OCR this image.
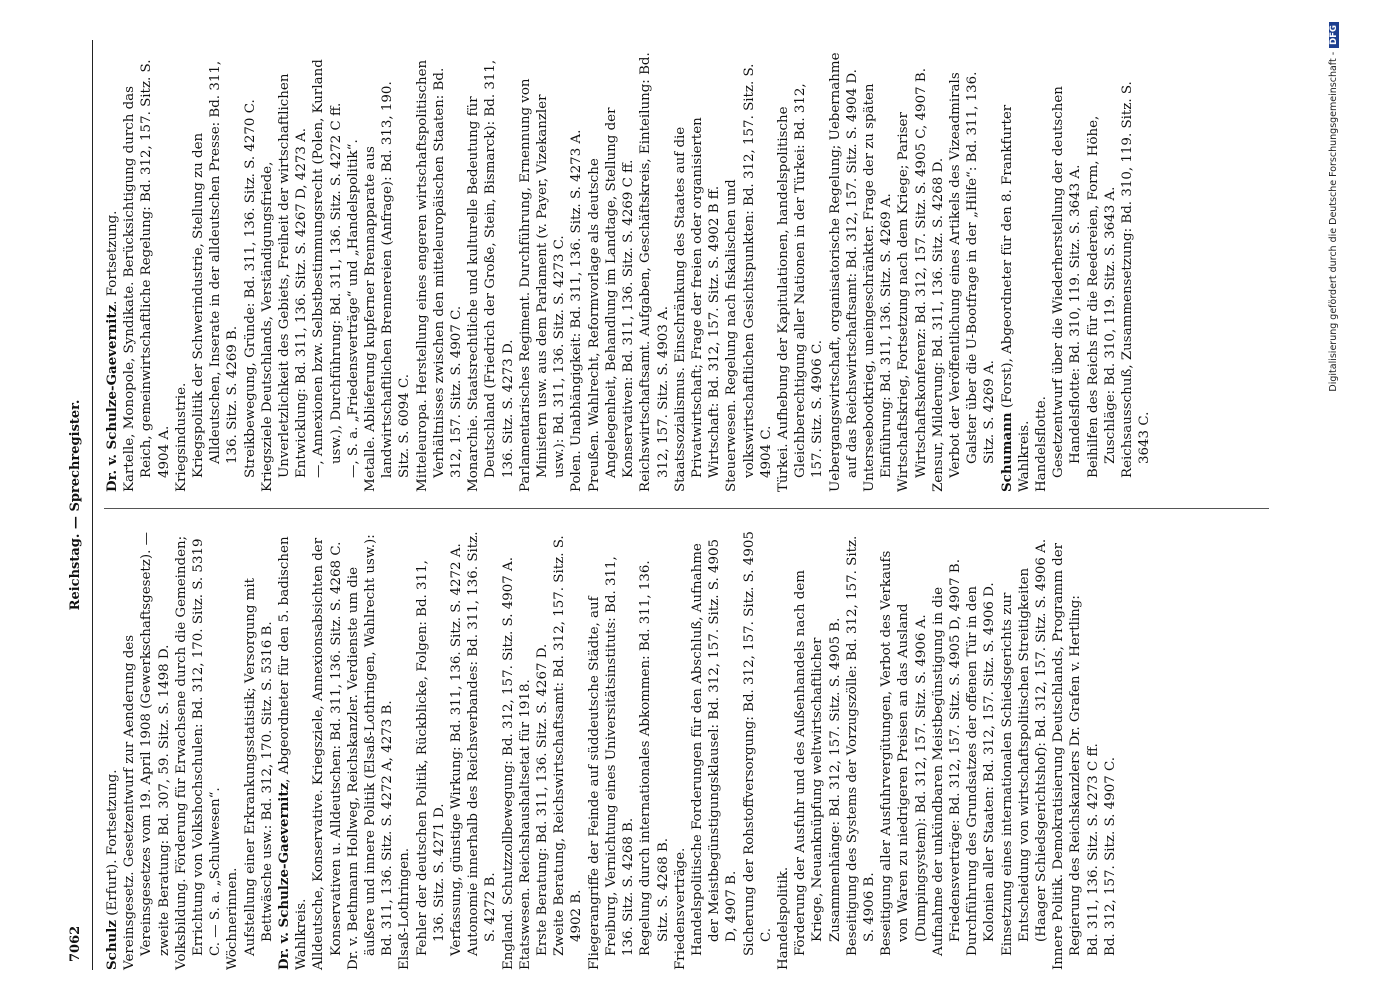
7062
Reichstag. — Sprechregister.

Schulz (Erfurt). Fortsetzung. Vereinsgesetz. Gesetzentwurf zur Aenderung des Vereinsgesetzes vom 19. April 1908 (Gewerkschaftsgesetz). — zweite Beratung: Bd. 307, 59. Sitz. S. 1498 D. Volksbildung. Förderung für Erwachsene durch die Gemeinden; Errichtung von Volkshochschulen: Bd. 312, 170. Sitz. S. 5319 C. — S. a. „Schulwesen“. Wöchnerinnen. Aufstellung einer Erkrankungsstatistik; Versorgung mit Bettwäsche usw.: Bd. 312, 170. Sitz. S. 5316 B. Dr. v. Schulze-Gaevernitz, Abgeordneter für den 5. badischen Wahlkreis. Alldeutsche, Konservative. Kriegsziele, Annexionsabsichten der Konservativen u. Alldeutschen: Bd. 311, 136. Sitz. S. 4268 C. Dr. v. Bethmann Hollweg, Reichskanzler. Verdienste um die äußere und innere Politik (Elsaß-Lothringen, Wahlrecht usw.): Bd. 311, 136. Sitz. S. 4272 A, 4273 B. Elsaß-Lothringen. Fehler der deutschen Politik, Rückblicke, Folgen: Bd. 311, 136. Sitz. S. 4271 D. Verfassung, günstige Wirkung: Bd. 311, 136. Sitz. S. 4272 A. Autonomie innerhalb des Reichsverbandes: Bd. 311, 136. Sitz. S. 4272 B. England. Schutzzollbewegung: Bd. 312, 157. Sitz. S. 4907 A. Etatswesen. Reichshaushaltsetat für 1918. Erste Beratung: Bd. 311, 136. Sitz. S. 4267 D. Zweite Beratung, Reichswirtschaftsamt: Bd. 312, 157. Sitz. S. 4902 B. Fliegerangriffe der Feinde auf süddeutsche Städte, auf Freiburg, Vernichtung eines Universitätsinstituts: Bd. 311, 136. Sitz. S. 4268 B. Regelung durch internationales Abkommen: Bd. 311, 136. Sitz. S. 4268 B. Friedensverträge. Handelspolitische Forderungen für den Abschluß, Aufnahme der Meistbegünstigungsklausel: Bd. 312, 157. Sitz. S. 4905 D, 4907 B. Sicherung der Rohstoffversorgung: Bd. 312, 157. Sitz. S. 4905 C. Handelspolitik. Förderung der Ausfuhr und des Außenhandels nach dem Kriege, Neuanknüpfung weltwirtschaftlicher Zusammenhänge: Bd. 312, 157. Sitz. S. 4905 B. Beseitigung des Systems der Vorzugszölle: Bd. 312, 157. Sitz. S. 4906 B. Beseitigung aller Ausfuhrvergütungen, Verbot des Verkaufs von Waren zu niedrigeren Preisen an das Ausland (Dumpingsystem): Bd. 312, 157. Sitz. S. 4906 A. Aufnahme der unkündbaren Meistbegünstigung in die Friedensverträge: Bd. 312, 157. Sitz. S. 4905 D, 4907 B. Durchführung des Grundsatzes der offenen Tür in den Kolonien aller Staaten: Bd. 312, 157. Sitz. S. 4906 D. Einsetzung eines internationalen Schiedsgerichts zur Entscheidung von wirtschaftspolitischen Streitigkeiten (Haager Schiedsgerichtshof): Bd. 312, 157. Sitz. S. 4906 A. Innere Politik. Demokratisierung Deutschlands, Programm der Regierung des Reichskanzlers Dr. Grafen v. Hertling: Bd. 311, 136. Sitz. S. 4273 C ff. Bd. 312, 157. Sitz. S. 4907 C.

Dr. v. Schulze-Gaevernitz. Fortsetzung. Kartelle, Monopole, Syndikate. Berücksichtigung durch das Reich, gemeinwirtschaftliche Regelung: Bd. 312, 157. Sitz. S. 4904 A. Kriegsindustrie. Kriegspolitik der Schwerindustrie, Stellung zu den Alldeutschen, Inserate in der alldeutschen Presse: Bd. 311, 136. Sitz. S. 4269 B. Streikbewegung, Gründe: Bd. 311, 136. Sitz. S. 4270 C. Kriegsziele Deutschlands, Verständigungsfriede, Unverletzlichkeit des Gebiets, Freiheit der wirtschaftlichen Entwicklung: Bd. 311, 136. Sitz. S. 4267 D, 4273 A. —, Annexionen bzw. Selbstbestimmungsrecht (Polen, Kurland usw.), Durchführung: Bd. 311, 136. Sitz. S. 4272 C ff. —, S. a. „Friedensverträge“ und „Handelspolitik“. Metalle. Ablieferung kupferner Brennapparate aus landwirtschaftlichen Brennereien (Anfrage): Bd. 313, 190. Sitz. S. 6094 C. Mitteleuropa. Herstellung eines engeren wirtschaftspolitischen Verhältnisses zwischen den mitteleuropäischen Staaten: Bd. 312, 157. Sitz. S. 4907 C. Monarchie. Staatsrechtliche und kulturelle Bedeutung für Deutschland (Friedrich der Große, Stein, Bismarck): Bd. 311, 136. Sitz. S. 4273 D. Parlamentarisches Regiment. Durchführung, Ernennung von Ministern usw. aus dem Parlament (v. Payer, Vizekanzler usw.): Bd. 311, 136. Sitz. S. 4273 C. Polen. Unabhängigkeit: Bd. 311, 136. Sitz. S. 4273 A. Preußen. Wahlrecht, Reformvorlage als deutsche Angelegenheit, Behandlung im Landtage, Stellung der Konservativen: Bd. 311, 136. Sitz. S. 4269 C ff. Reichswirtschaftsamt. Aufgaben, Geschäftskreis, Einteilung: Bd. 312, 157. Sitz. S. 4903 A. Staatssozialismus. Einschränkung des Staates auf die Privatwirtschaft; Frage der freien oder organisierten Wirtschaft: Bd. 312, 157. Sitz. S. 4902 B ff. Steuerwesen. Regelung nach fiskalischen und volkswirtschaftlichen Gesichtspunkten: Bd. 312, 157. Sitz. S. 4904 C. Türkei. Aufhebung der Kapitulationen, handelspolitische Gleichberechtigung aller Nationen in der Türkei: Bd. 312, 157. Sitz. S. 4906 C. Uebergangswirtschaft, organisatorische Regelung; Uebernahme auf das Reichswirtschaftsamt: Bd. 312, 157. Sitz. S. 4904 D. Unterseebootkrieg, uneingeschränkter. Frage der zu späten Einführung: Bd. 311, 136. Sitz. S. 4269 A. Wirtschaftskrieg, Fortsetzung nach dem Kriege; Pariser Wirtschaftskonferenz: Bd. 312, 157. Sitz. S. 4905 C, 4907 B. Zensur, Milderung: Bd. 311, 136. Sitz. S. 4268 D. Verbot der Veröffentlichung eines Artikels des Vizeadmirals Galster über die U-Bootfrage in der „Hilfe“: Bd. 311, 136. Sitz. S. 4269 A. Schumann (Forst), Abgeordneter für den 8. Frankfurter Wahlkreis. Handelsflotte. Gesetzentwurf über die Wiederherstellung der deutschen Handelsflotte: Bd. 310, 119. Sitz. S. 3643 A. Beihilfen des Reichs für die Reedereien, Form, Höhe, Zuschläge: Bd. 310, 119. Sitz. S. 3643 A. Reichsausschuß, Zusammensetzung: Bd. 310, 119. Sitz. S. 3643 C.

Digitalisierung gefördert durch die Deutsche Forschungsgemeinschaft -DFG
